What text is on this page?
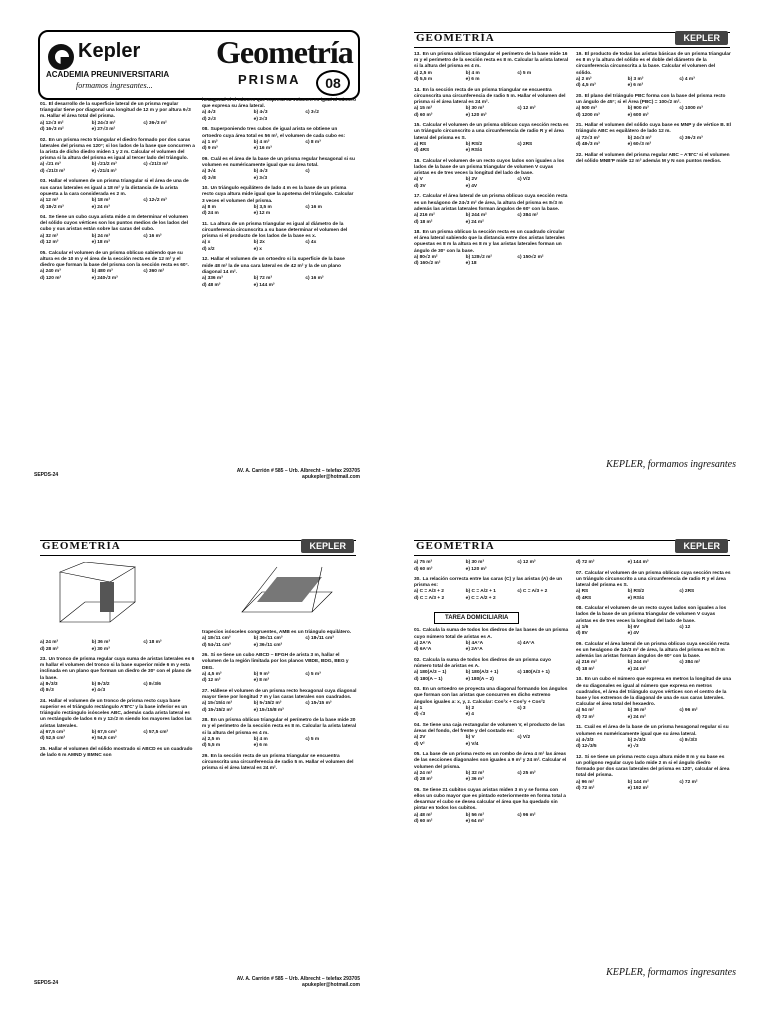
Kepler
ACADEMIA PREUNIVERSITARIA
formamos ingresantes...
Geometría
PRISMA	08
01. El desarrollo de la superficie lateral de un prisma regular triangular tiene por diagonal una longitud de 12 m y por altura 6√3 m. Hallar el área total del prisma.
a) 12√3 m²	b) 24√3 m²	c) 36√3 m²
d) 16√3 m²	e) 27√3 m²
02. En un prisma recto triangular el diedro formado por dos caras laterales del prisma es 120°; si los lados de la base que concurren a la arista de dicho diedro miden 1 y 2 m. Calcular el volumen del prisma si la altura del prisma es igual al tercer lado del triángulo.
a) √21 m³	b) √21/2 m³	c) √21/3 m³
d) √21/3 m³	e) √21/4 m³
03. Hallar el volumen de un prisma triangular si el área de una de sus caras laterales es igual a 18 m² y la distancia de la arista opuesta a la cara considerada es 2 m.
a) 12 m³	b) 18 m³	c) 12√2 m³
d) 18√2 m³	e) 24 m³
04. Se tiene un cubo cuya arista mide 4 m determinar el volumen del sólido cuyos vértices son los puntos medios de los lados del cubo y sus aristas están sobre las caras del cubo.
a) 32 m³	b) 24 m³	c) 16 m³
d) 12 m³	e) 18 m³
05. Calcular el volumen de un prisma oblicuo sabiendo que su altura es de 10 m y el área de la sección recta es de 12 m² y el diedro que forman la base del prisma con la sección recta es 60°.
a) 240 m³	b) 480 m³	c) 360 m³
d) 120 m³	e) 240√3 m³
hexagonal si el número que expresa su volumen es igual al número que expresa su área lateral.
a) 4√3	b) 4√3	c) 3√2
d) 2√3	e) 2√3
08. Superponiendo tres cubos de igual arista se obtiene un ortoedro cuya área total es 56 m², el volumen de cada cubo es:
a) 1 m³	b) 4 m³	c) 8 m³
d) 9 m³	e) 16 m³
09. Cuál es el área de la base de un prisma regular hexagonal si su volumen es numéricamente igual que su área total.
a) 3√4	b) 4√3	c)
d) 3√8	e) 3√3
10. Un triángulo equilátero de lado 4 m es la base de un prisma recto cuya altura mide igual que la apotema del triángulo. Calcular 3 veces el volumen del prisma.
a) 8 m	b) 3,5 m	c) 16 m
d) 24 m	e) 12 m
11. La altura de un prisma triangular es igual al diámetro de la circunferencia circunscrita a su base determinar el volumen del prisma si el producto de los lados de la base es x.
a) x	b) 2x	c) 4x
d) x/2	e) x
12. Hallar el volumen de un ortoedro si la superficie de la base mide 48 m² la de una cara lateral es de 42 m² y la de un plano diagonal 14 m².
a) 336 m³	b) 72 m³	c) 16 m³
d) 48 m³	e) 144 m³
SEPDS-24
AV. A. Carrión # 585 – Urb. Albrecht – telefax 293705
apukepler@hotmail.com
GEOMETRÍA	KEPLER
13. En un prisma oblicuo triangular el perímetro de la base mide 16 m y el perímetro de la sección recta es 8 m. Calcular la arista lateral si la altura del prisma es 4 m.
a) 2,5 m	b) 4 m	c) 5 m
d) 5,5 m	e) 6 m
14. En la sección recta de un prisma triangular se encuentra circunscrita una circunferencia de radio 5 m. Hallar el volumen del prisma si el área lateral es 24 m².
a) 15 m³	b) 30 m³	c) 12 m³
d) 60 m³	e) 120 m³
15. Calcular el volumen de un prisma oblicuo cuya sección recta es un triángulo circunscrito a una circunferencia de radio R y el área lateral del prisma es S.
a) RS	b) RS/2	c) 2RS
d) 4RS	e) RS/4
16. Calcular el volumen de un recto cuyos lados son iguales a los lados de la base de un prisma triangular de volumen V cuyas aristas es de tres veces la longitud del lado de base.
a) V	b) 2V	c) V/2
d) 3V	e) 4V
17. Calcular el área lateral de un prisma oblicuo cuya sección recta es un hexágono de 24√3 m² de área, la altura del prisma es 8√3 m además las aristas laterales forman ángulos de 60° con la base.
a) 216 m²	b) 244 m²	c) 384 m²
d) 18 m²	e) 24 m²
18. En un prisma oblicuo la sección recta es un cuadrado circular el área lateral sabiendo que la distancia entre dos aristas laterales opuestas es 8 m la altura es 8 m y las aristas laterales forman un ángulo de 30° con la base.
a) 80√2 m²	b) 128√2 m²	c) 150√2 m²
d) 160√2 m²	e) 18
19. El producto de todas las aristas básicas de un prisma triangular es 8 m y la altura del sólido es el doble del diámetro de la circunferencia circunscrita a la base. Calcular el volumen del sólido.
a) 2 m³	b) 3 m³	c) 4 m³
d) 4,5 m³	e) 6 m³
20. El plano del triángulo PBC forma con la base del prisma recto un ángulo de 45°; si el Área (PBC) = 100√2 m².
a) 500 m³	b) 900 m³	c) 1000 m³
d) 1200 m³	e) 600 m³
21. Hallar el volumen del sólido cuya base es MNP y de vértice B. El triángulo ABC es equilátero de lado 12 m.
a) 72√3 m³	b) 24√3 m³	c) 36√3 m³
d) 48√3 m³	e) 60√3 m³
22. Hallar el volumen del prisma regular ABC – A'B'C' si el volumen del sólido MNB'P mide 12 m³ además M y N son puntos medios.
KEPLER, formamos ingresantes
GEOMETRÍA	KEPLER
a) 24 m³	b) 36 m³	c) 18 m³
d) 28 m³	e) 30 m³
23. Un tronco de prisma regular cuya suma de aristas laterales es 6 m hallar el volumen del tronco si la base superior mide 6 m y esta inclinada en un plano que forman un diedro de 30° con el plano de la base.
a) 8√3/3	b) 8√3/2	c) 8√3/6
d) 8√3	e) 4√3
24. Hallar el volumen de un tronco de prisma recto cuya base superior es el triángulo rectángulo A'B'C' y la base inferior es un triángulo rectángulo isósceles ABC, además cada arista lateral es un rectángulo de lados 6 m y 12√2 m siendo los mayores lados las aristas laterales.
a) 67,5 cm³	b) 67,5 cm³	c) 57,5 cm³
d) 52,5 cm³	e) 54,5 cm³
25. Hallar el volumen del sólido mostrado si ABCD es un cuadrado de lado 6 m AMND y BMNC son
trapecios isósceles congruentes, AMB es un triángulo equilátero.
a) 18√11 cm³	b) 36√11 cm³	c) 18√11 cm³
d) 54√11 cm³	e) 36√11 cm³
26. Si se tiene un cubo ABCD – EFGH de arista 3 m, hallar el volumen de la región limitada por los planos VBDE, BDG, BEG y DEG.
a) 4,5 m³	b) 9 m³	c) 5 m³
d) 12 m³	e) 8 m³
27. Hállese el volumen de un prisma recto hexagonal cuya diagonal mayor tiene por longitud 7 m y las caras laterales son cuadrados.
a) 15√15/4 m³	b) 5√15/2 m³	c) 15√15 m³
d) 15√15/2 m³	e) 15√15/8 m³
28. En un prisma oblicuo triangular el perímetro de la base mide 20 m y el perímetro de la sección recta es 8 m. Calcular la arista lateral si la altura del prisma es 4 m.
a) 2,5 m	b) 4 m	c) 5 m
d) 5,5 m	e) 6 m
29. En la sección recta de un prisma triangular se encuentra circunscrita una circunferencia de radio 5 m. Hallar el volumen del prisma si el área lateral es 24 m².
SEPDS-24
AV. A. Carrión # 585 – Urb. Albrecht – telefax 293705
apukepler@hotmail.com
GEOMETRÍA	KEPLER
a) 75 m³	b) 30 m³	c) 12 m³
d) 60 m³	e) 120 m³
30. La relación correcta entre las caras (C) y las aristas (A) de un prisma es:
a) C = A/3 + 2	b) C = A/2 + 1	c) C = A/3 + 2
d) C = A/3 + 2	e) C = A/2 + 2
TAREA DOMICILIARIA
01. Calcula la suma de todos los diedros de las bases de un prisma cuyo número total de aristas es A.
a) 2A°A	b) 4A°A	c) 4A°A
d) 6A°A	e) 2A°A
02. Calcula la suma de todos los diedros de un prisma cuyo número total de aristas es A.
a) 180(A/3 − 1)	b) 180(A/3 + 1)	c) 180(A/3 + 1)
d) 180(A − 1)	e) 180(A − 2)
03. En un ortoedro se proyecta una diagonal formando los ángulos que forman con las aristas que concurren en dicho extremo ángulos iguales a: x, y, z. Calcular: Cos²x + Cos²y + Cos²z
a) 1	b) 2	c) 3
d) √3	e) 4
04. Se tiene una caja rectangular de volumen V, el producto de las áreas del fondo, del frente y del costado es:
a) 2V	b) V	c) V/2
d) V²	e) V/4
05. La base de un prisma recto es un rombo de área 4 m² las áreas de las secciones diagonales son iguales a 9 m² y 24 m². Calcular el volumen del prisma.
a) 24 m³	b) 32 m³	c) 25 m³
d) 28 m³	e) 36 m³
06. Se tiene 21 cubitos cuyas aristas miden 3 m y se forma con ellos un cubo mayor que es pintado exteriormente en forma total a desarmar el cubo se desea calcular el área que ha quedado sin pintar en todos los cubitos.
a) 48 m²	b) 56 m²	c) 96 m²
d) 60 m²	e) 64 m²
d) 72 m³	e) 144 m³
07. Calcular el volumen de un prisma oblicuo cuya sección recta es un triángulo circunscrito a una circunferencia de radio R y el área lateral del prisma es S.
a) RS	b) RS/2	c) 2RS
d) 4RS	e) RS/4
08. Calcular el volumen de un recto cuyos lados son iguales a los lados de la base de un prisma triangular de volumen V cuyas aristas es de tres veces la longitud del lado de base.
a) 1/6	b) 6V	c) 12
d) 8V	e) 4V
09. Calcular el área lateral de un prisma oblicuo cuya sección recta es un hexágono de 24√3 m² de área, la altura del prisma es 8√3 m además las aristas forman ángulos de 60° con la base.
a) 216 m²	b) 244 m²	c) 384 m²
d) 18 m²	e) 24 m²
10. En un cubo el número que expresa en metros la longitud de una de su diagonales es igual al número que expresa en metros cuadrados, el área del triángulo cuyos vértices son el centro de la base y los extremos de la diagonal de una de sus caras laterales. Calcular el área total del hexaedro.
a) 54 m²	b) 36 m²	c) 96 m²
d) 72 m²	e) 24 m²
11. Cuál es el área de la base de un prisma hexagonal regular si su volumen es numéricamente igual que su área lateral.
a) 4√3/3	b) 2√3/3	c) 8√3/3
d) 12√3/5	e) √3
12. Si se tiene un prisma recto cuya altura mide 8 m y su base es un polígono regular cuyo lado mide 2 m si el ángulo diedro formado por dos caras laterales del prisma es 120°, calcular el área total del prisma.
a) 96 m²	b) 144 m²	c) 72 m²
d) 72 m²	e) 192 m²
KEPLER, formamos ingresantes
